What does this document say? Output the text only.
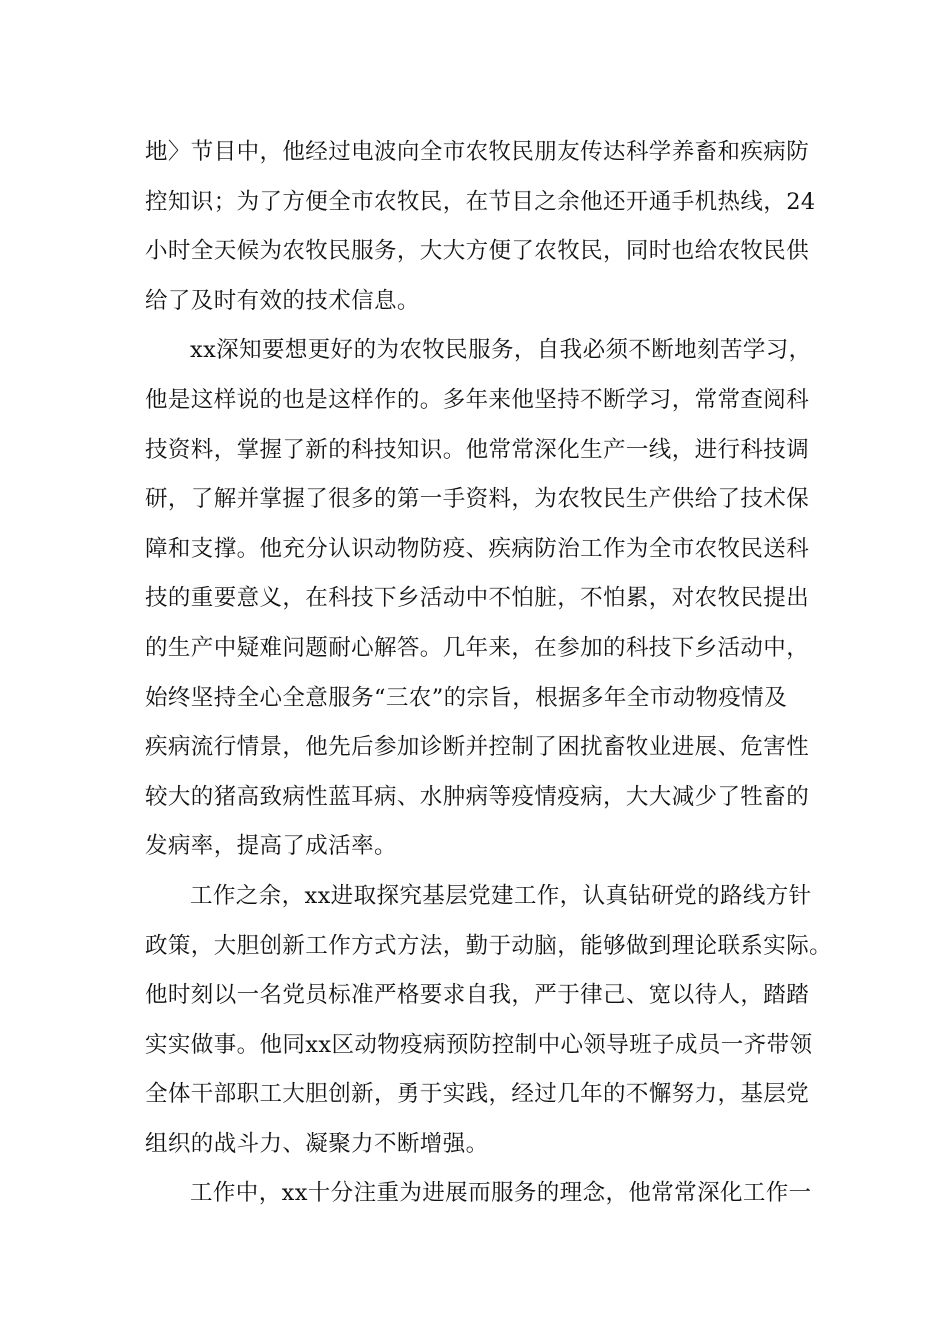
地〉节目中，他经过电波向全市农牧民朋友传达科学养畜和疾病防
控知识；为了方便全市农牧民，在节目之余他还开通手机热线，24
小时全天候为农牧民服务，大大方便了农牧民，同时也给农牧民供
给了及时有效的技术信息。
xx深知要想更好的为农牧民服务，自我必须不断地刻苦学习，
他是这样说的也是这样作的。多年来他坚持不断学习，常常查阅科
技资料，掌握了新的科技知识。他常常深化生产一线，进行科技调
研，了解并掌握了很多的第一手资料，为农牧民生产供给了技术保
障和支撑。他充分认识动物防疫、疾病防治工作为全市农牧民送科
技的重要意义，在科技下乡活动中不怕脏，不怕累，对农牧民提出
的生产中疑难问题耐心解答。几年来，在参加的科技下乡活动中，
始终坚持全心全意服务“三农”的宗旨，根据多年全市动物疫情及
疾病流行情景，他先后参加诊断并控制了困扰畜牧业进展、危害性
较大的猪高致病性蓝耳病、水肿病等疫情疫病，大大减少了牲畜的
发病率，提高了成活率。
工作之余，xx进取探究基层党建工作，认真钻研党的路线方针
政策，大胆创新工作方式方法，勤于动脑，能够做到理论联系实际。
他时刻以一名党员标准严格要求自我，严于律己、宽以待人，踏踏
实实做事。他同xx区动物疫病预防控制中心领导班子成员一齐带领
全体干部职工大胆创新，勇于实践，经过几年的不懈努力，基层党
组织的战斗力、凝聚力不断增强。
工作中，xx十分注重为进展而服务的理念，他常常深化工作一
